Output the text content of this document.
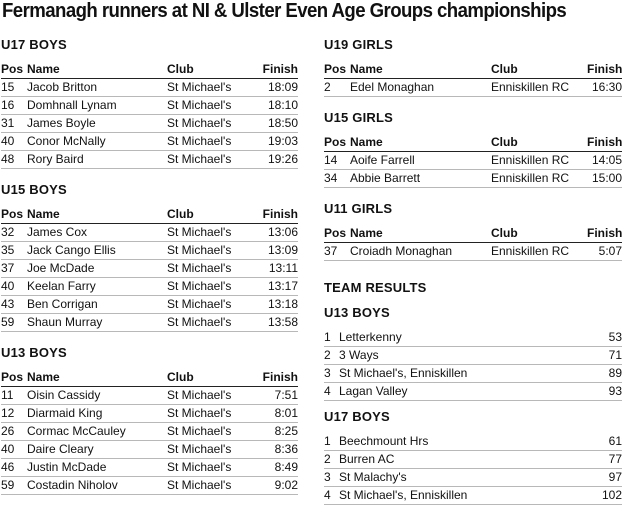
Fermanagh runners at NI & Ulster Even Age Groups championships
U17 BOYS
Pos	Name	Club	Finish
15	Jacob Britton	St Michael's	18:09
16	Domhnall Lynam	St Michael's	18:10
31	James Boyle	St Michael's	18:50
40	Conor McNally	St Michael's	19:03
48	Rory Baird	St Michael's	19:26
U15 BOYS
Pos	Name	Club	Finish
32	James Cox	St Michael's	13:06
35	Jack Cango Ellis	St Michael's	13:09
37	Joe McDade	St Michael's	13:11
40	Keelan Farry	St Michael's	13:17
43	Ben Corrigan	St Michael's	13:18
59	Shaun Murray	St Michael's	13:58
U13 BOYS
Pos	Name	Club	Finish
11	Oisin Cassidy	St Michael's	7:51
12	Diarmaid King	St Michael's	8:01
26	Cormac McCauley	St Michael's	8:25
40	Daire Cleary	St Michael's	8:36
46	Justin McDade	St Michael's	8:49
59	Costadin Niholov	St Michael's	9:02
U19 GIRLS
Pos	Name	Club	Finish
2	Edel Monaghan	Enniskillen RC	16:30
U15 GIRLS
Pos	Name	Club	Finish
14	Aoife Farrell	Enniskillen RC	14:05
34	Abbie Barrett	Enniskillen RC	15:00
U11 GIRLS
Pos	Name	Club	Finish
37	Croiadh Monaghan	Enniskillen RC	5:07
TEAM RESULTS
U13 BOYS
1	Letterkenny	53
2	3 Ways	71
3	St Michael's, Enniskillen	89
4	Lagan Valley	93
U17 BOYS
1	Beechmount Hrs	61
2	Burren AC	77
3	St Malachy's	97
4	St Michael's, Enniskillen	102
